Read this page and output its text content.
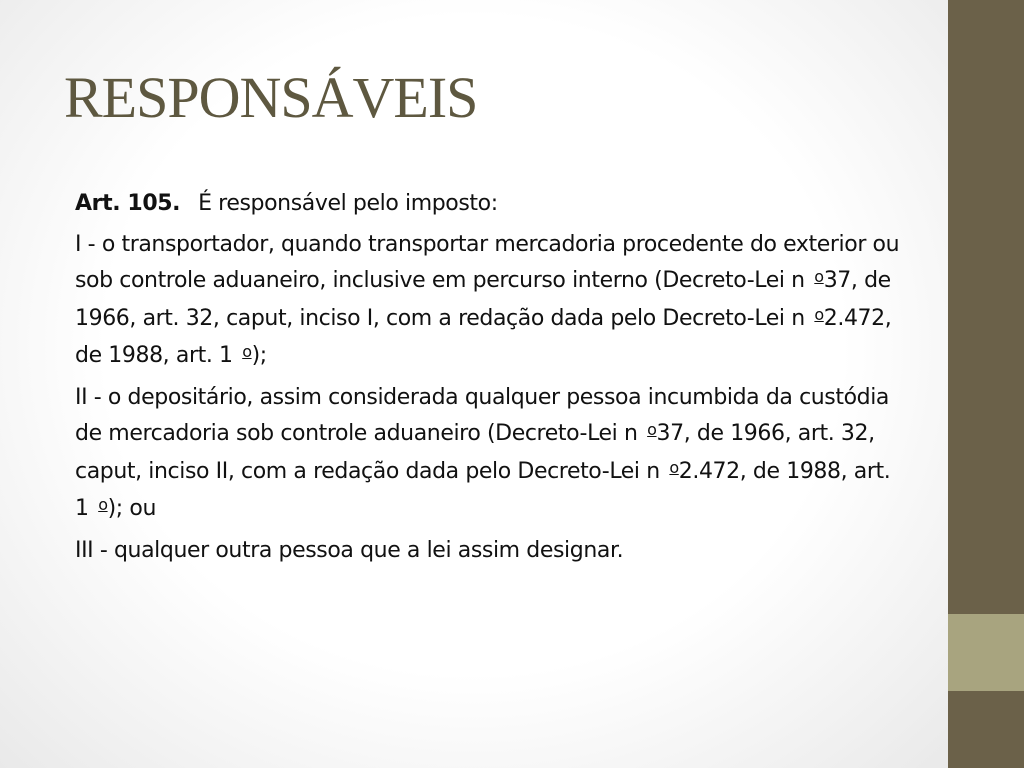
RESPONSÁVEIS

Art. 105. É responsável pelo imposto:

I - o transportador, quando transportar mercadoria procedente do exterior ou sob controle aduaneiro, inclusive em percurso interno (Decreto-Lei n $^o$37, de 1966, art. 32, caput, inciso I, com a redação dada pelo Decreto-Lei n $^o$2.472, de 1988, art. 1 $^o$);

II - o depositário, assim considerada qualquer pessoa incumbida da custódia de mercadoria sob controle aduaneiro (Decreto-Lei n $^o$37, de 1966, art. 32, caput, inciso II, com a redação dada pelo Decreto-Lei n $^o$2.472, de 1988, art. 1 $^o$); ou

III - qualquer outra pessoa que a lei assim designar.
